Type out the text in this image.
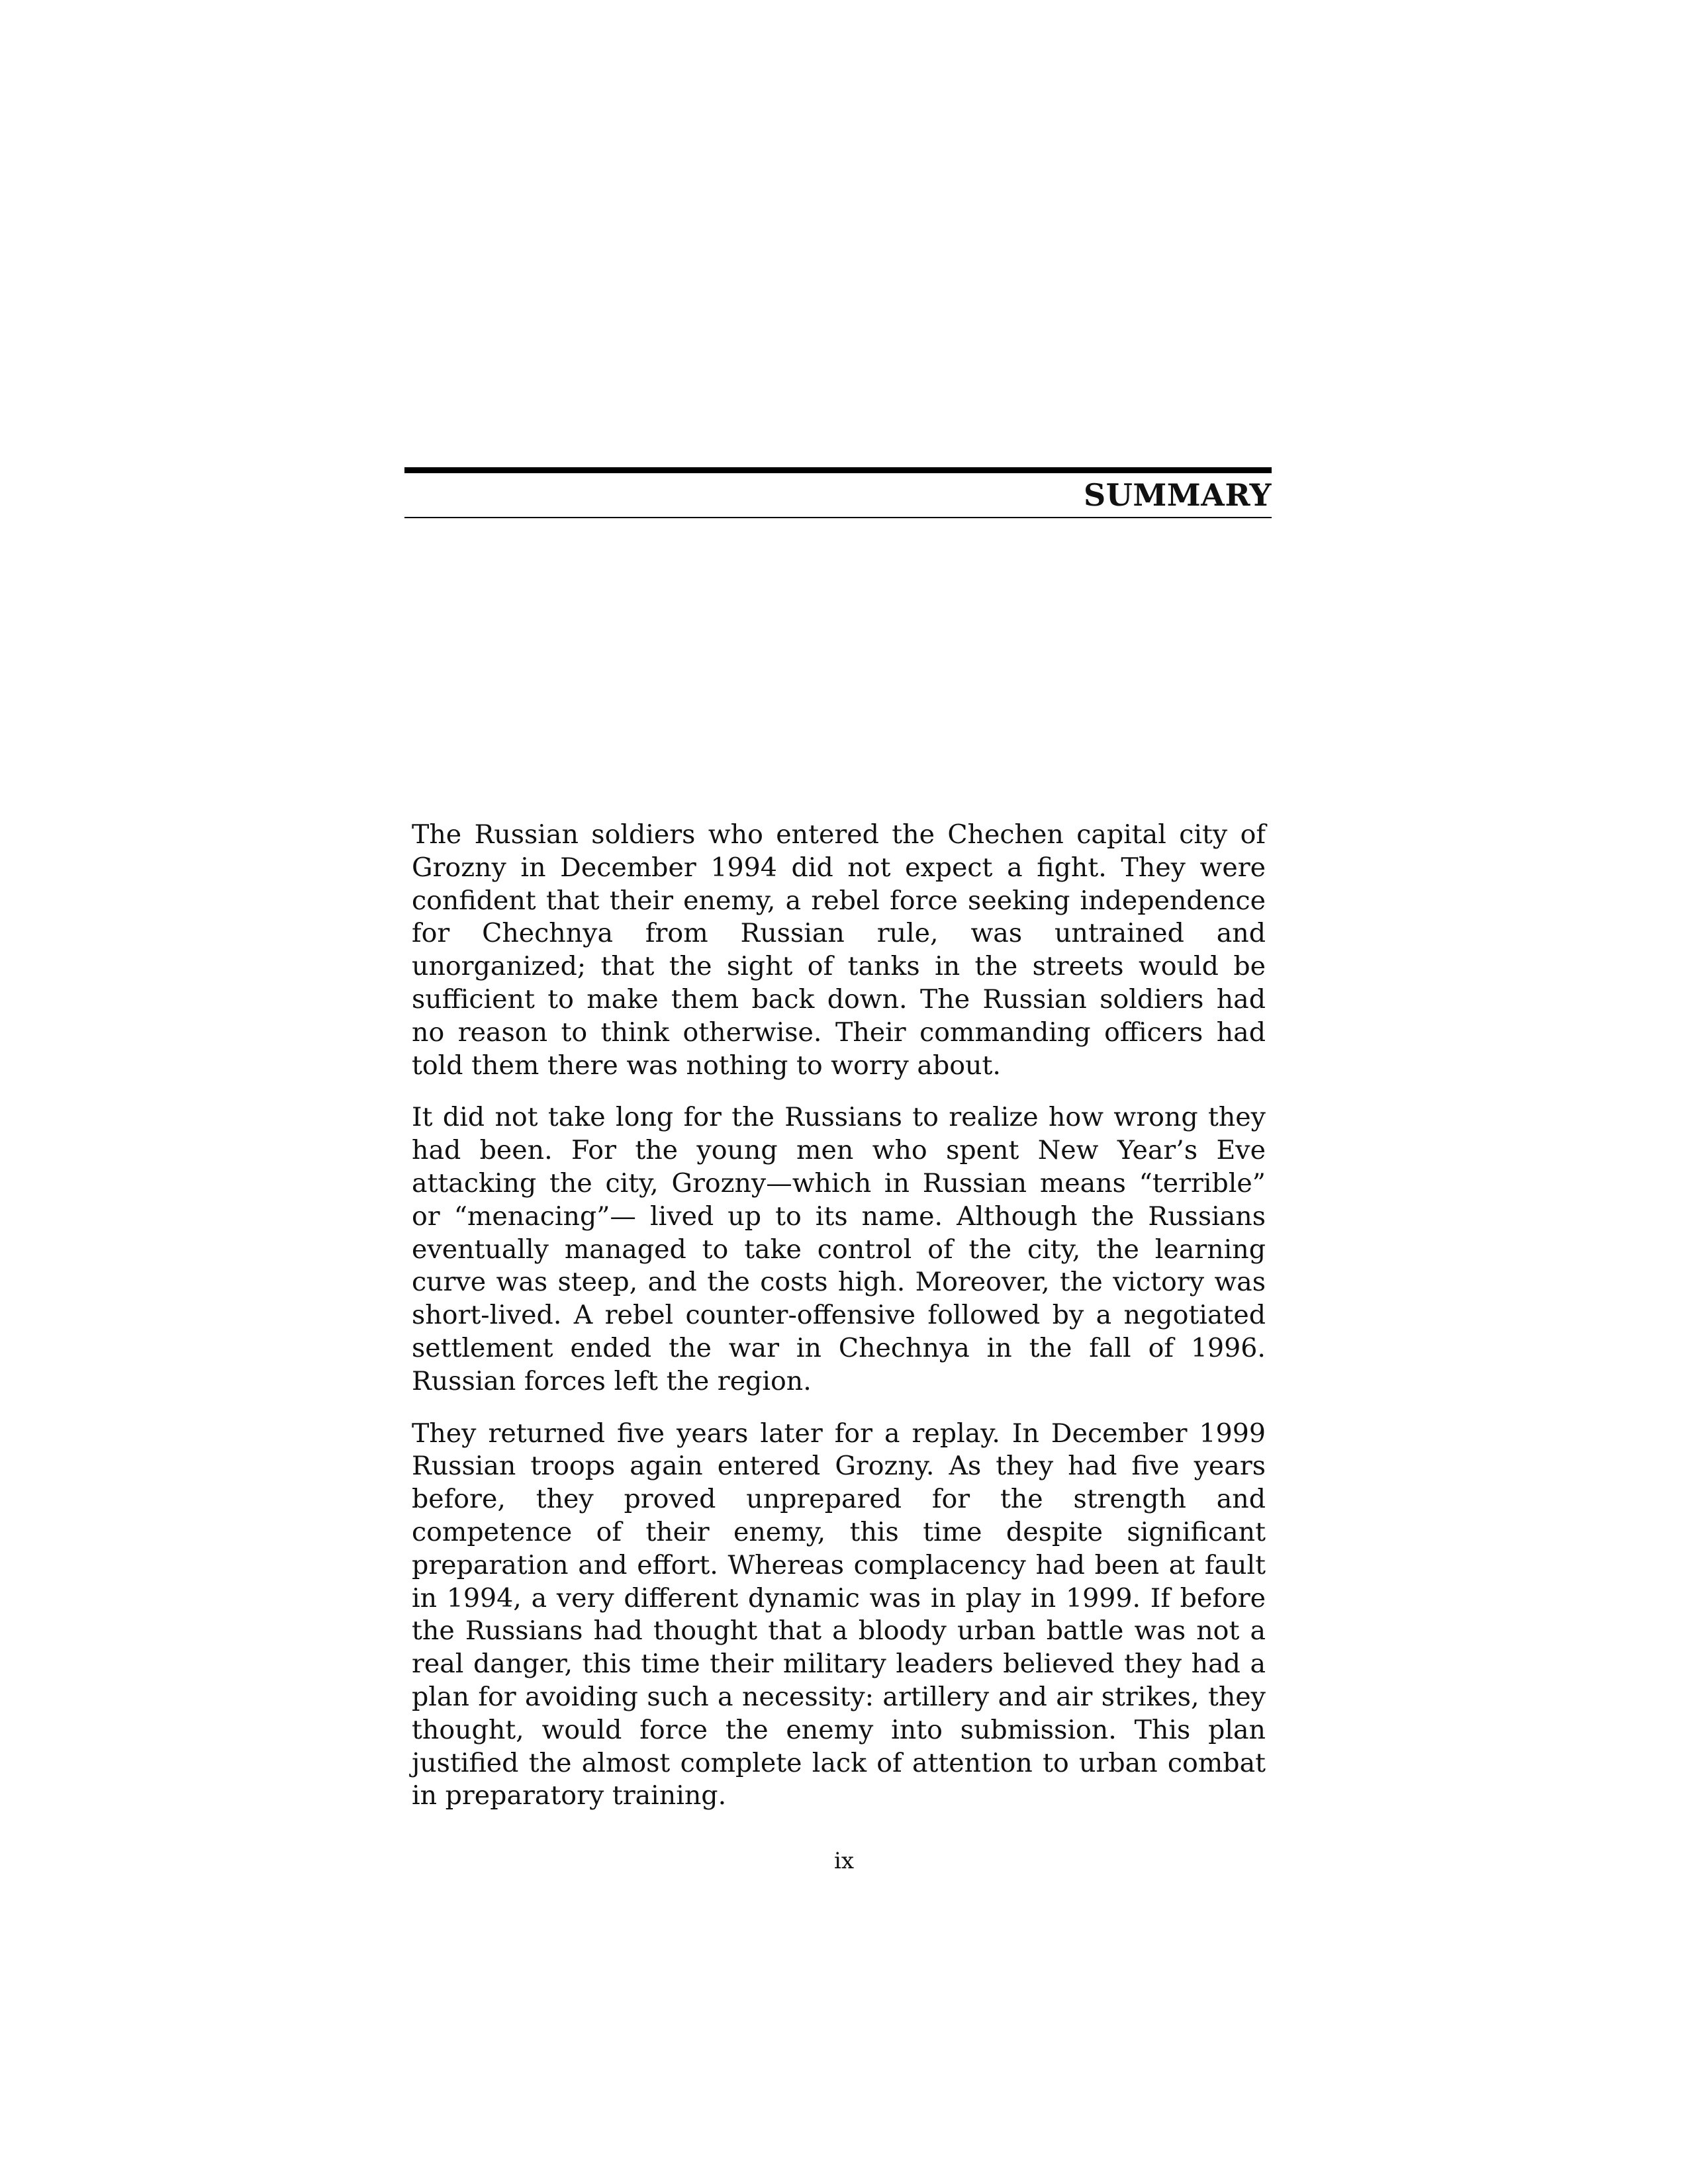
SUMMARY

The Russian soldiers who entered the Chechen capital city of Grozny in December 1994 did not expect a fight. They were confident that their enemy, a rebel force seeking independence for Chechnya from Russian rule, was untrained and unorganized; that the sight of tanks in the streets would be sufficient to make them back down. The Russian soldiers had no reason to think otherwise. Their commanding officers had told them there was nothing to worry about.

It did not take long for the Russians to realize how wrong they had been. For the young men who spent New Year’s Eve attacking the city, Grozny—which in Russian means “terrible” or “menacing”— lived up to its name. Although the Russians eventually managed to take control of the city, the learning curve was steep, and the costs high. Moreover, the victory was short-lived. A rebel counter-offensive followed by a negotiated settlement ended the war in Chechnya in the fall of 1996. Russian forces left the region.

They returned five years later for a replay. In December 1999 Russian troops again entered Grozny. As they had five years before, they proved unprepared for the strength and competence of their enemy, this time despite significant preparation and effort. Whereas complacency had been at fault in 1994, a very different dynamic was in play in 1999. If before the Russians had thought that a bloody urban battle was not a real danger, this time their military leaders believed they had a plan for avoiding such a necessity: artillery and air strikes, they thought, would force the enemy into submission. This plan justified the almost complete lack of attention to urban combat in preparatory training.

ix
